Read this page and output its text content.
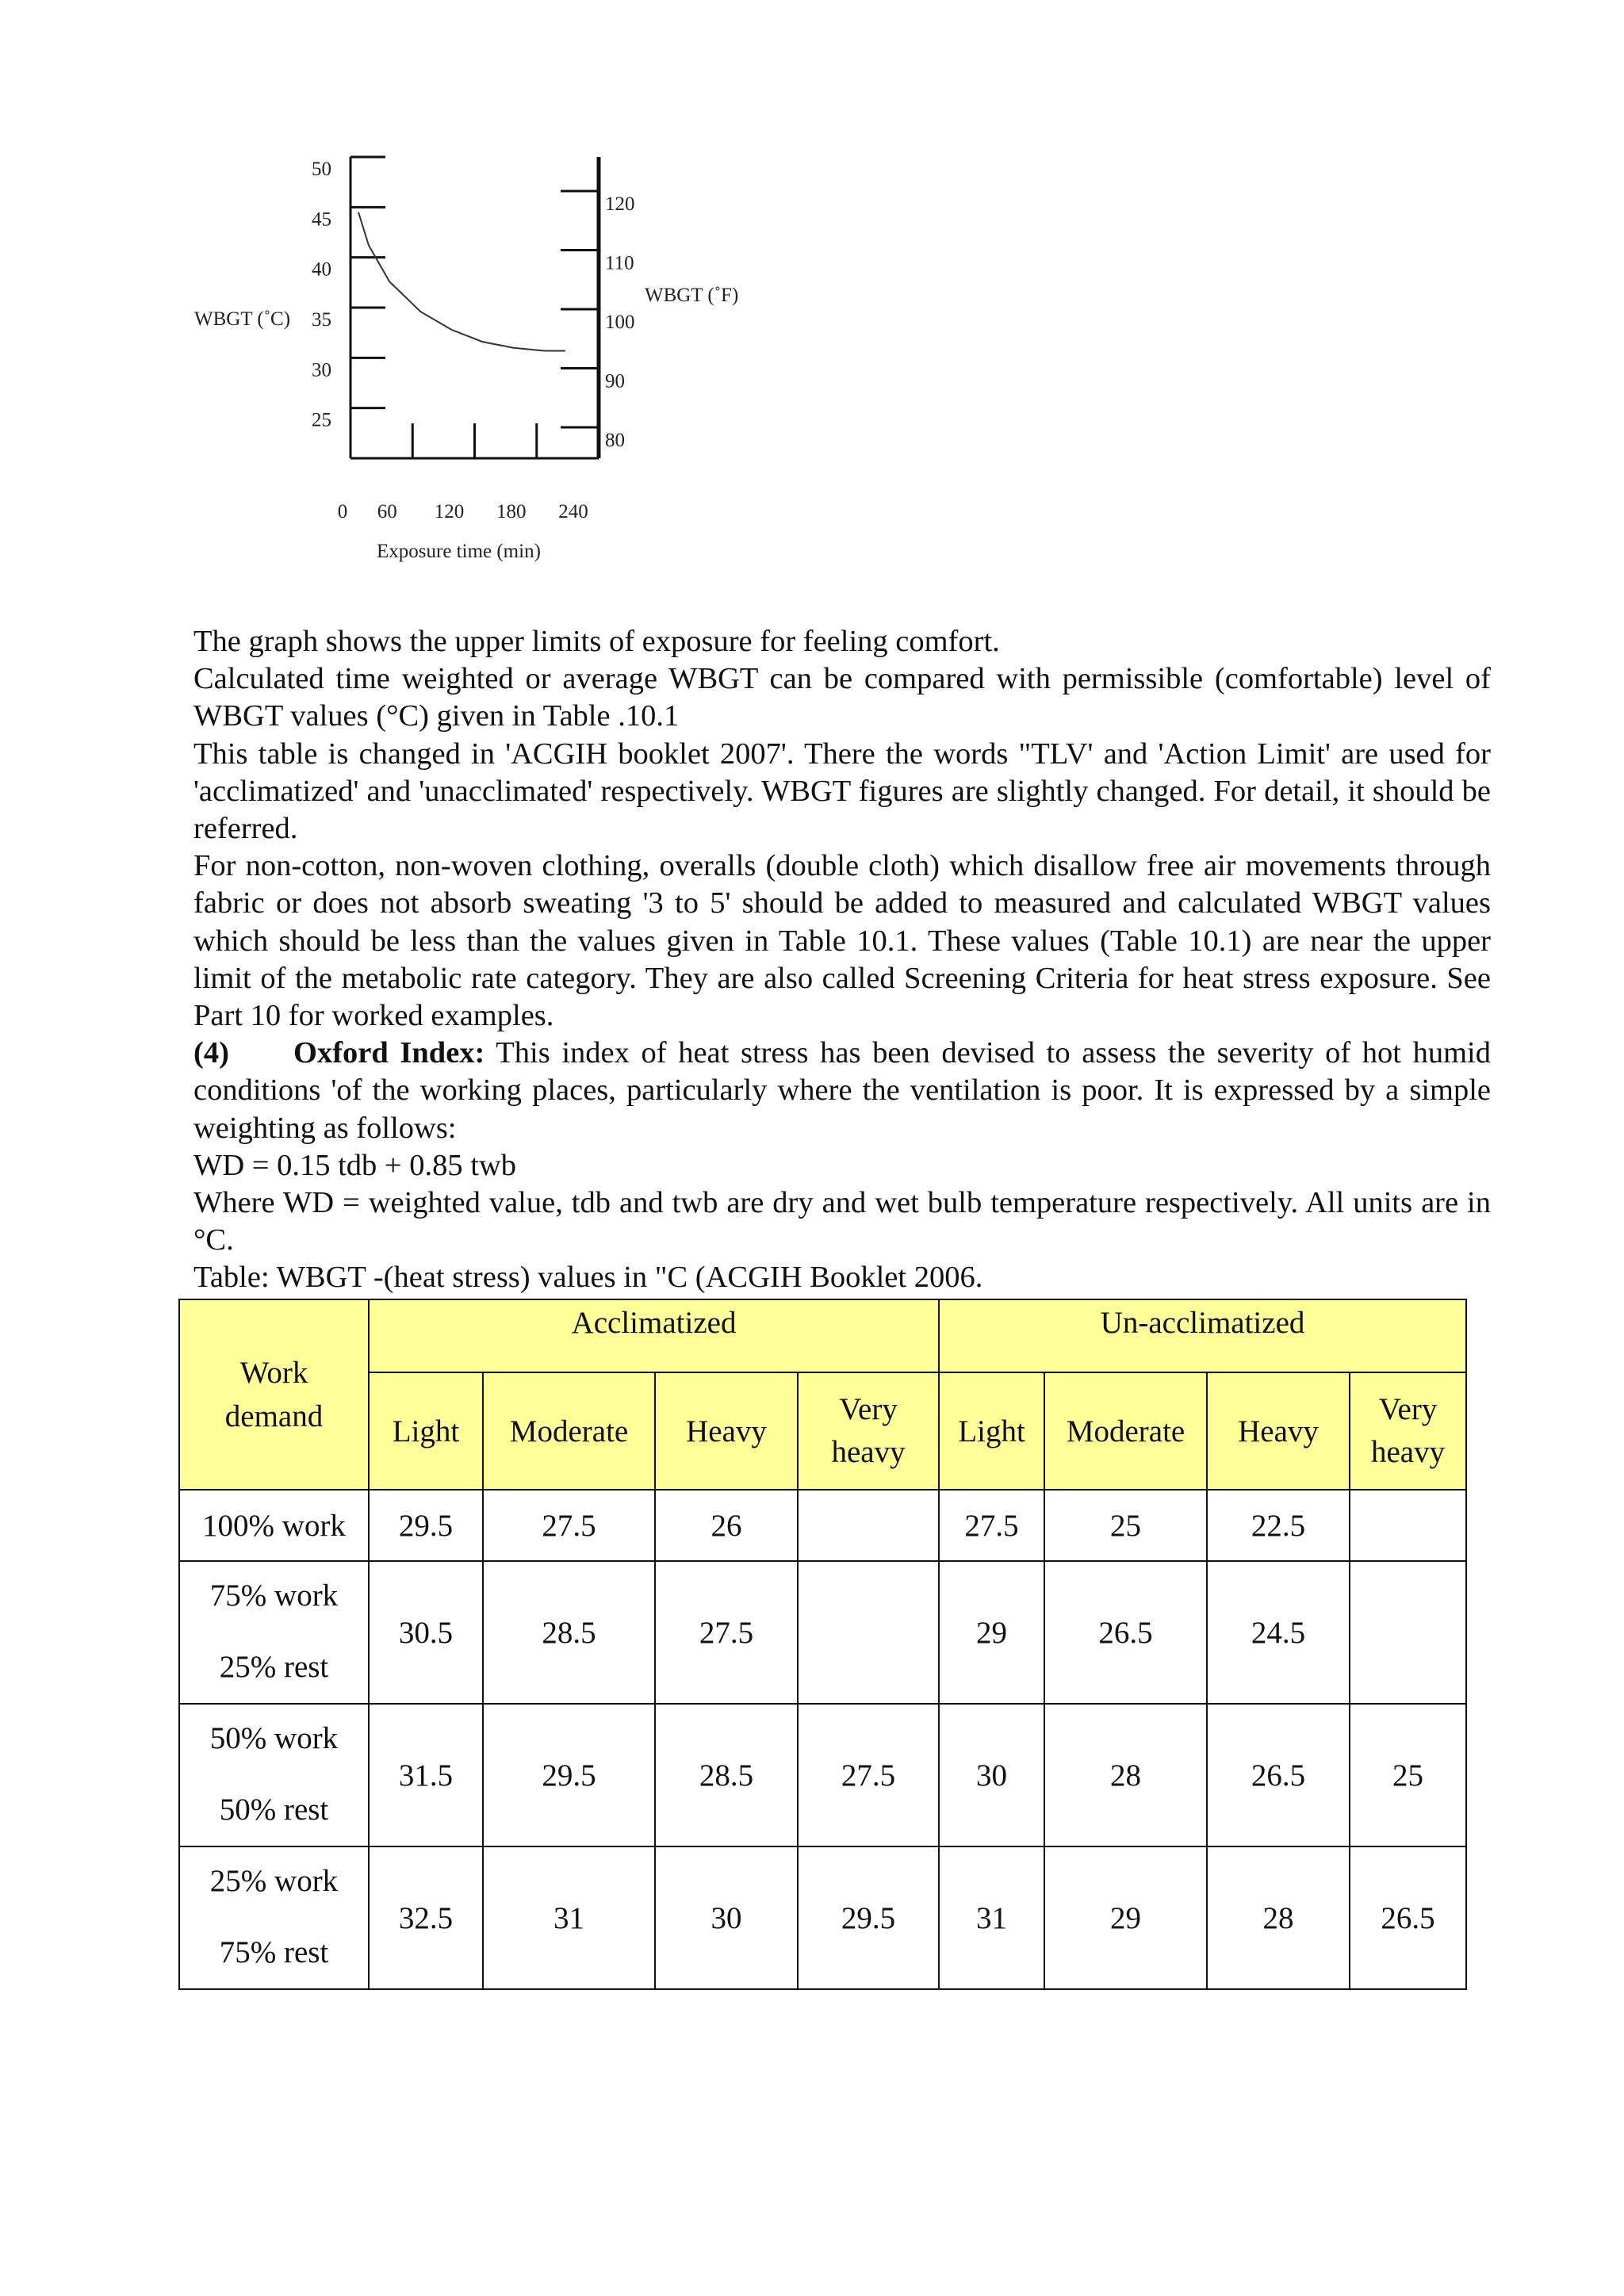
50
45
40
35
30
25
120
110
100
90
80
0 60 120 180 240
WBGT (˚C)
WBGT (˚F)
Exposure time (min)

The graph shows the upper limits of exposure for feeling comfort.

Calculated time weighted or average WBGT can be compared with permissible (comfortable) level of WBGT values (°C) given in Table .10.1

This table is changed in 'ACGIH booklet 2007'. There the words "TLV' and 'Action Limit' are used for 'acclimatized' and 'unacclimated' respectively. WBGT figures are slightly changed. For detail, it should be referred.

For non-cotton, non-woven clothing, overalls (double cloth) which disallow free air movements through fabric or does not absorb sweating '3 to 5' should be added to measured and calculated WBGT values which should be less than the values given in Table 10.1. These values (Table 10.1) are near the upper limit of the metabolic rate category. They are also called Screening Criteria for heat stress exposure. See Part 10 for worked examples.

(4) Oxford Index: This index of heat stress has been devised to assess the severity of hot humid conditions 'of the working places, particularly where the ventilation is poor. It is expressed by a simple weighting as follows:

WD = 0.15 tdb + 0.85 twb

Where WD = weighted value, tdb and twb are dry and wet bulb temperature respectively. All units are in °C.

Table: WBGT -(heat stress) values in "C (ACGIH Booklet 2006.

Work
demand	Acclimatized				Un-acclimatized			
	Light	Moderate	Heavy	Very heavy	Light	Moderate	Heavy	Very heavy
100% work	29.5	27.5	26		27.5	25	22.5	

75% work
25% rest	30.5	28.5	27.5		29	26.5	24.5	

50% work
50% rest	31.5	29.5	28.5	27.5	30	28	26.5	25

25% work
75% rest	32.5	31	30	29.5	31	29	28	26.5
